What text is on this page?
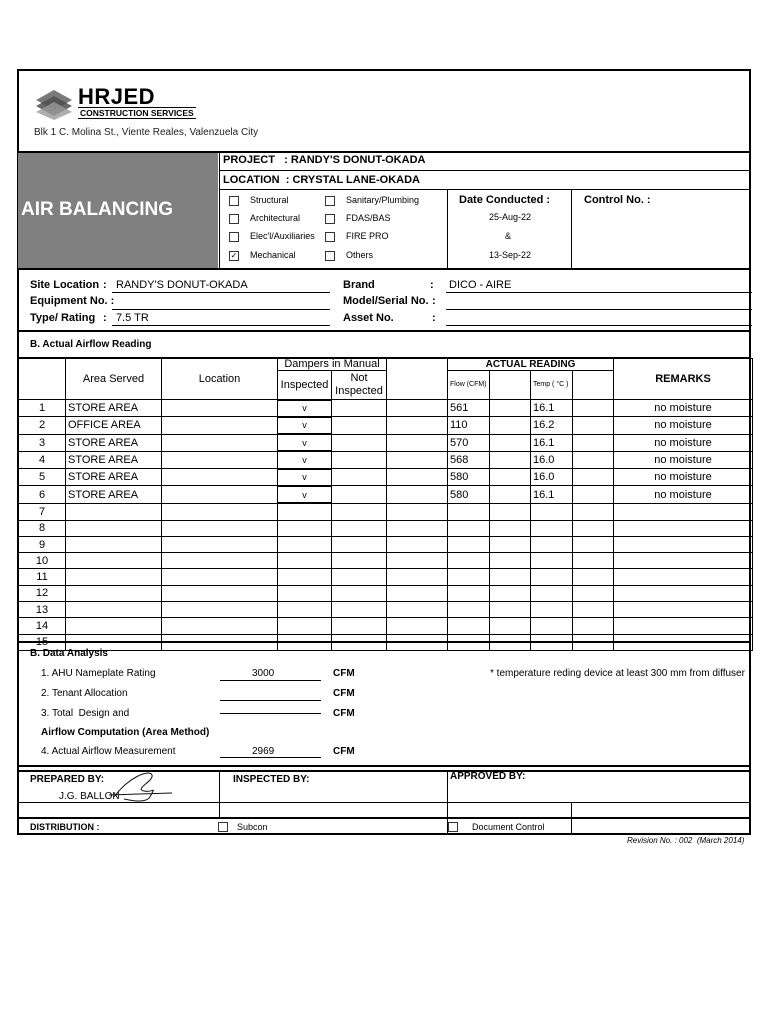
HRJED
CONSTRUCTION SERVICES
Blk 1 C. Molina St., Viente Reales, Valenzuela City
AIR BALANCING
PROJECT   : RANDY'S DONUT-OKADA
LOCATION  : CRYSTAL LANE-OKADA
Structural
Architectural
Elec'l/Auxiliaries
✓ Mechanical
Sanitary/Plumbing
FDAS/BAS
FIRE PRO
Others
Date Conducted :
25-Aug-22
&
13-Sep-22
Control No. :
Site Location : RANDY'S DONUT-OKADA
Equipment No. :
Type/ Rating : 7.5 TR
Brand	: DICO - AIRE
Model/Serial No. :
Asset No.	:
B. Actual Airflow Reading
	Area Served	Location	Dampers in Manual			ACTUAL READING				REMARKS
			Inspected	Not Inspected		Flow (CFM)		Temp ( °C )		
1	STORE AREA		v			561		16.1		no moisture
2	OFFICE AREA		v			110		16.2		no moisture
3	STORE AREA		v			570		16.1		no moisture
4	STORE AREA		v			568		16.0		no moisture
5	STORE AREA		v			580		16.0		no moisture
6	STORE AREA		v			580		16.1		no moisture
7										
8										
9										
10										
11										
12										
13										
14										
15										
B. Data Analysis
1. AHU Nameplate Rating	3000	CFM	* temperature reding device at least 300 mm from diffuser
2. Tenant Allocation	CFM
3. Total  Design and	CFM
Airflow Computation (Area Method)
4. Actual Airflow Measurement	2969	CFM
PREPARED BY:
J.G. BALLON
INSPECTED BY:	APPROVED BY:
DISTRIBUTION :	Subcon	Document Control
Revision No. : 002  (March 2014)
